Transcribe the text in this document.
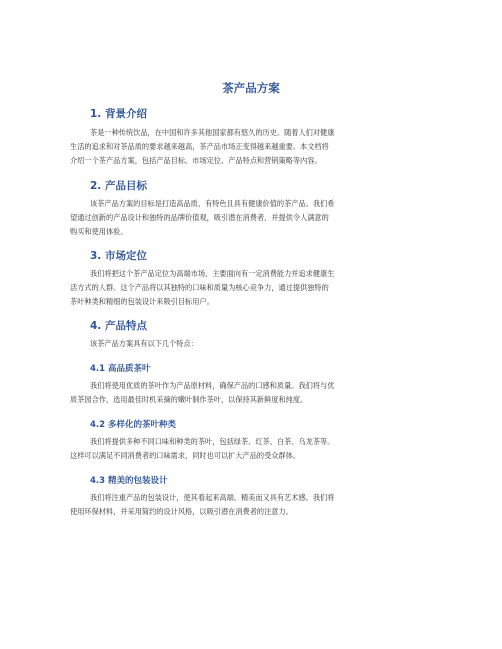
茶产品方案
1. 背景介绍
茶是一种传统饮品，在中国和许多其他国家都有悠久的历史。随着人们对健康
生活的追求和对茶品质的要求越来越高，茶产品市场正变得越来越重要。本文档将
介绍一个茶产品方案，包括产品目标、市场定位、产品特点和营销策略等内容。
2. 产品目标
该茶产品方案的目标是打造高品质、有特色且具有健康价值的茶产品。我们希
望通过创新的产品设计和独特的品牌价值观，吸引潜在消费者，并提供令人满意的
购买和使用体验。
3. 市场定位
我们将把这个茶产品定位为高端市场，主要面向有一定消费能力并追求健康生
活方式的人群。这个产品将以其独特的口味和质量为核心竞争力，通过提供独特的
茶叶种类和精细的包装设计来吸引目标用户。
4. 产品特点
该茶产品方案具有以下几个特点：
4.1 高品质茶叶
我们将使用优质的茶叶作为产品原材料，确保产品的口感和质量。我们将与优
质茶园合作，选用最佳时机采摘的嫩叶制作茶叶，以保持其新鲜度和纯度。
4.2 多样化的茶叶种类
我们将提供多种不同口味和种类的茶叶，包括绿茶、红茶、白茶、乌龙茶等。
这样可以满足不同消费者的口味需求，同时也可以扩大产品的受众群体。
4.3 精美的包装设计
我们将注重产品的包装设计，使其看起来高端、精美而又具有艺术感。我们将
使用环保材料，并采用简约的设计风格，以吸引潜在消费者的注意力。
